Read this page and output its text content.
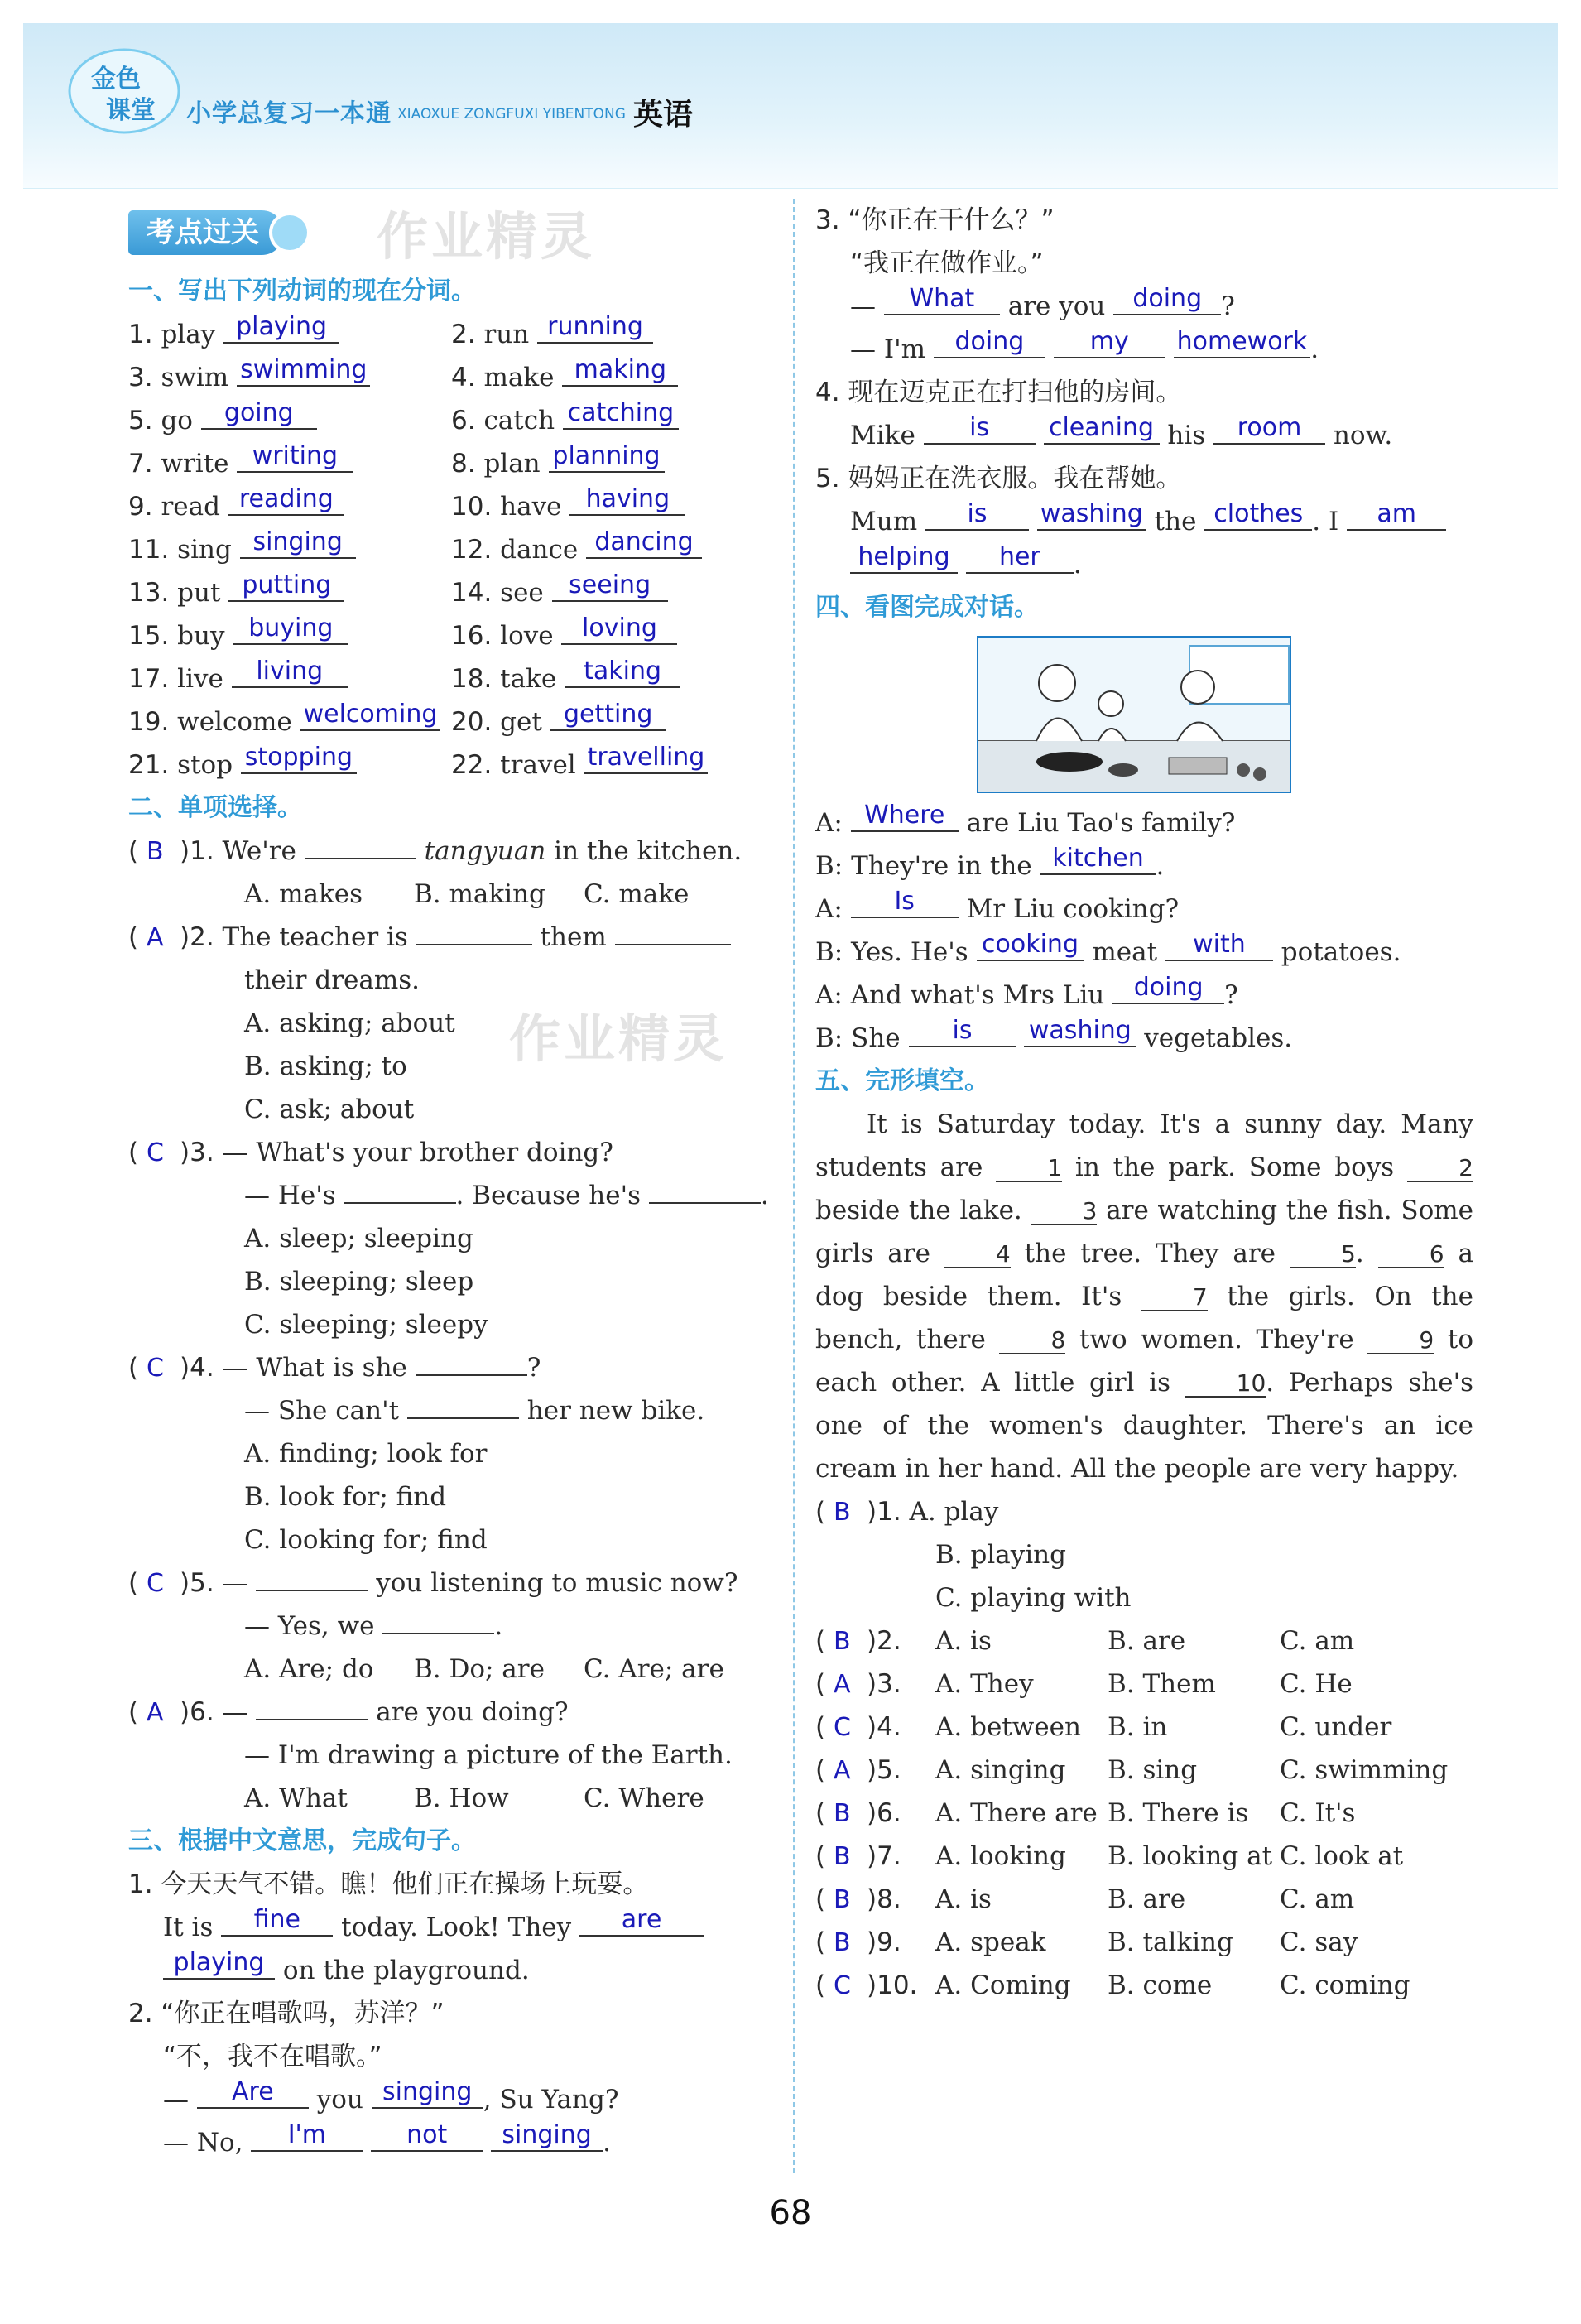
金色
课堂 小学总复习一本通 XIAOXUE ZONGFUXI YIBENTONG 英语
考点过关 作业精灵
一、写出下列动词的现在分词。
1. play playing	2. run running
3. swim swimming	4. make making
5. go going	6. catch catching
7. write writing	8. plan planning
9. read reading	10. have having
11. sing singing	12. dance dancing
13. put putting	14. see seeing
15. buy buying	16. love loving
17. live living	18. take taking
19. welcome welcoming 20. get getting
21. stop stopping	22. travel travelling
二、单项选择。
( B )1. We're	tangyuan in the kitchen.
A. makes B. making C. make
( A )2. The teacher is	them
their dreams.
A. asking; about
B. asking; to
C. ask; about
( C )3. — What's your brother doing?
— He's	. Because he's	.
A. sleep; sleeping
B. sleeping; sleep
C. sleeping; sleepy
( C )4. — What is she	?
— She can't	her new bike.
A. finding; look for
B. look for; find
C. looking for; find
( C )5. —	you listening to music now?
— Yes, we	.
A. Are; do B. Do; are C. Are; are
( A )6. —	are you doing?
— I'm drawing a picture of the Earth.
A. What	B. How	C. Where
三、根据中文意思，完成句子。
1. 今天天气不错。瞧！他们正在操场上玩耍。
It is fine today. Look! They are
playing on the playground.
2. “你正在唱歌吗，苏洋？”
“不，我不在唱歌。”
— Are you singing , Su Yang?
— No, I'm	not singing .
3. “你正在干什么？”
“我正在做作业。”
— What are you doing ?
— I'm doing	my homework .
4. 现在迈克正在打扫他的房间。
Mike is cleaning his room now.
5. 妈妈正在洗衣服。我在帮她。
Mum is washing the clothes . I am
helping her .
四、看图完成对话。
A: Where are Liu Tao's family?
B: They're in the kitchen .
A: Is Mr Liu cooking?
B: Yes. He's cooking meat with potatoes.
A: And what's Mrs Liu doing ?
B: She is washing vegetables.
五、完形填空。
It is Saturday today. It's a sunny day. Many students are 1 in the park. Some boys 2 beside the lake. 3 are watching the fish. Some girls are 4 the tree. They are 5. 6 a dog beside them. It's 7 the girls. On the bench, there 8 two women. They're 9 to each other. A little girl is 10. Perhaps she's one of the women's daughter. There's an ice cream in her hand. All the people are very happy.
( B )1. A. play
B. playing
C. playing with
( B )2. A. is	B. are	C. am
( A )3. A. They	B. Them C. He
( C )4. A. between B. in	C. under
( A )5. A. singing B. sing	C. swimming
( B )6. A. There are B. There is C. It's
( B )7. A. looking B. looking at C. look at
( B )8. A. is	B. are	C. am
( B )9. A. speak B. talking C. say
( C )10. A. Coming B. come	C. coming
作业精灵
68
